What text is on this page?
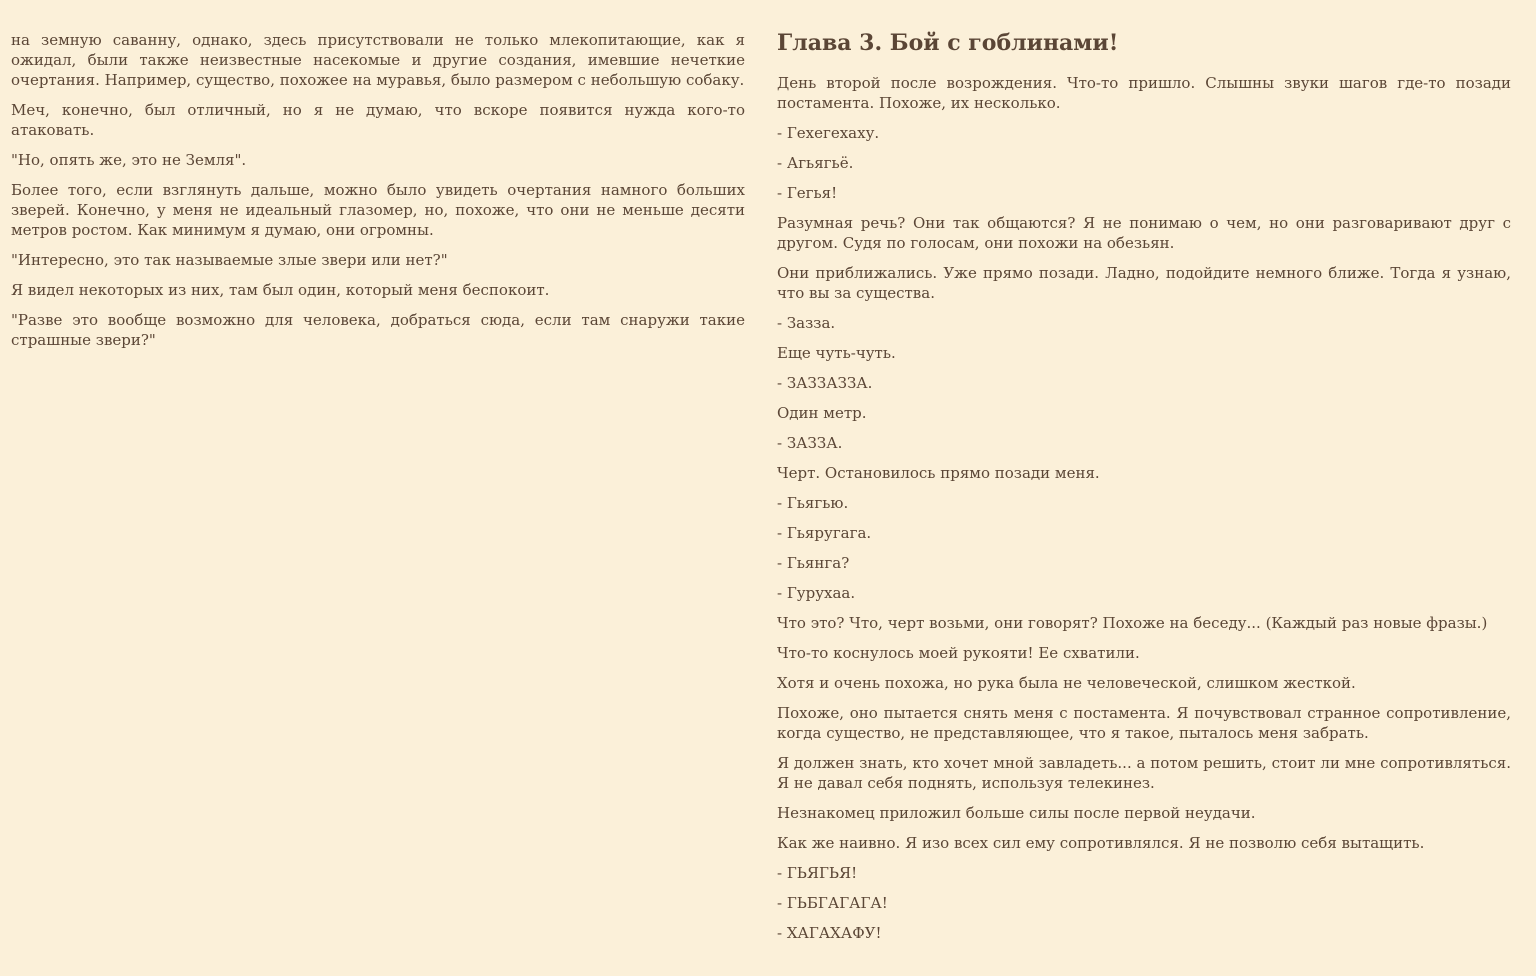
на земную саванну, однако, здесь присутствовали не только млекопитающие, как я ожидал, были также неизвестные насекомые и другие создания, имевшие нечеткие очертания. Например, существо, похожее на муравья, было размером с небольшую собаку.

Меч, конечно, был отличный, но я не думаю, что вскоре появится нужда кого-то атаковать.

"Но, опять же, это не Земля".

Более того, если взглянуть дальше, можно было увидеть очертания намного больших зверей. Конечно, у меня не идеальный глазомер, но, похоже, что они не меньше десяти метров ростом. Как минимум я думаю, они огромны.

"Интересно, это так называемые злые звери или нет?"

Я видел некоторых из них, там был один, который меня беспокоит.

"Разве это вообще возможно для человека, добраться сюда, если там снаружи такие страшные звери?"

Глава 3. Бой с гоблинами!

День второй после возрождения. Что-то пришло. Слышны звуки шагов где-то позади постамента. Похоже, их несколько.

- Гехегехаху.

- Агьягьё.

- Гегья!

Разумная речь? Они так общаются? Я не понимаю о чем, но они разговаривают друг с другом. Судя по голосам, они похожи на обезьян.

Они приближались. Уже прямо позади. Ладно, подойдите немного ближе. Тогда я узнаю, что вы за существа.

- Зазза.

Еще чуть-чуть.

- ЗАЗЗАЗЗА.

Один метр.

- ЗАЗЗА.

Черт. Остановилось прямо позади меня.

- Гьягью.

- Гьяругага.

- Гьянга?

- Гурухаа.

Что это? Что, черт возьми, они говорят? Похоже на беседу... (Каждый раз новые фразы.)

Что-то коснулось моей рукояти! Ее схватили.

Хотя и очень похожа, но рука была не человеческой, слишком жесткой.

Похоже, оно пытается снять меня с постамента. Я почувствовал странное сопротивление, когда существо, не представляющее, что я такое, пыталось меня забрать.

Я должен знать, кто хочет мной завладеть... а потом решить, стоит ли мне сопротивляться. Я не давал себя поднять, используя телекинез.

Незнакомец приложил больше силы после первой неудачи.

Как же наивно. Я изо всех сил ему сопротивлялся. Я не позволю себя вытащить.

- ГЬЯГЬЯ!

- ГЬБГАГАГА!

- ХАГАХАФУ!
